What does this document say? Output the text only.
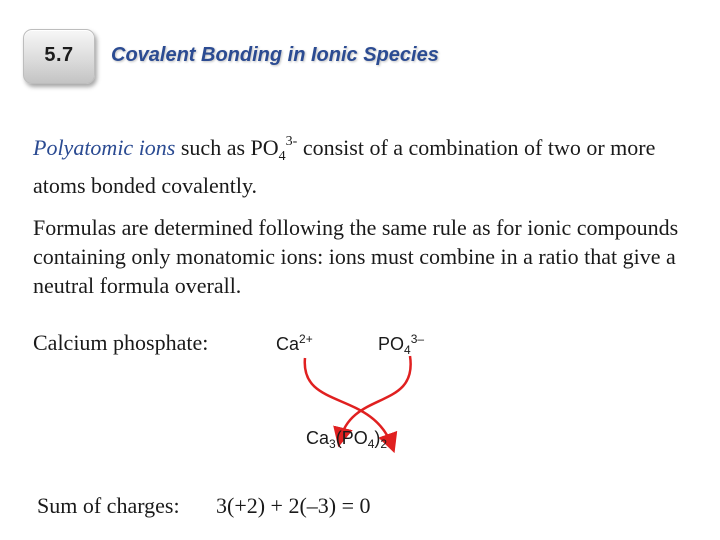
5.7	Covalent Bonding in Ionic Species
Polyatomic ions such as $PO_4^{3-}$ consist of a combination of two or more atoms bonded covalently.
Formulas are determined following the same rule as for ionic compounds containing only monatomic ions: ions must combine in a ratio that give a neutral formula overall.
Calcium phosphate:	$Ca^{2+}$	$PO_4^{3-}$
$Ca_3(PO_4)_2$
Sum of charges: 3(+2) + 2(–3) = 0
